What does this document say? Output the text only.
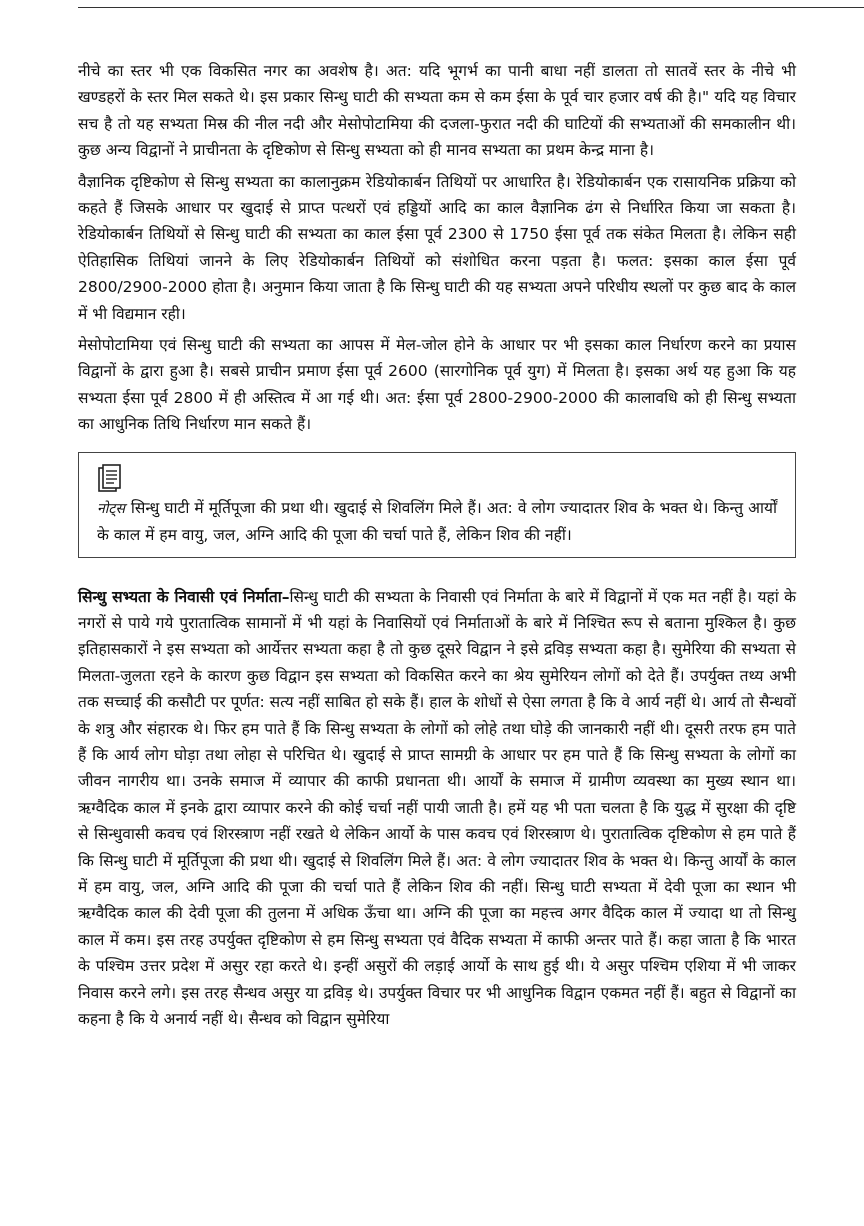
नीचे का स्तर भी एक विकसित नगर का अवशेष है। अत: यदि भूगर्भ का पानी बाधा नहीं डालता तो सातवें स्तर के नीचे भी खण्डहरों के स्तर मिल सकते थे। इस प्रकार सिन्धु घाटी की सभ्यता कम से कम ईसा के पूर्व चार हजार वर्ष की है।" यदि यह विचार सच है तो यह सभ्यता मिस्र की नील नदी और मेसोपोटामिया की दजला-फुरात नदी की घाटियों की सभ्यताओं की समकालीन थी। कुछ अन्य विद्वानों ने प्राचीनता के दृष्टिकोण से सिन्धु सभ्यता को ही मानव सभ्यता का प्रथम केन्द्र माना है।

वैज्ञानिक दृष्टिकोण से सिन्धु सभ्यता का कालानुक्रम रेडियोकार्बन तिथियों पर आधारित है। रेडियोकार्बन एक रासायनिक प्रक्रिया को कहते हैं जिसके आधार पर खुदाई से प्राप्त पत्थरों एवं हड्डियों आदि का काल वैज्ञानिक ढंग से निर्धारित किया जा सकता है। रेडियोकार्बन तिथियों से सिन्धु घाटी की सभ्यता का काल ईसा पूर्व 2300 से 1750 ईसा पूर्व तक संकेत मिलता है। लेकिन सही ऐतिहासिक तिथियां जानने के लिए रेडियोकार्बन तिथियों को संशोधित करना पड़ता है। फलत: इसका काल ईसा पूर्व 2800/2900-2000 होता है। अनुमान किया जाता है कि सिन्धु घाटी की यह सभ्यता अपने परिधीय स्थलों पर कुछ बाद के काल में भी विद्यमान रही।

मेसोपोटामिया एवं सिन्धु घाटी की सभ्यता का आपस में मेल-जोल होने के आधार पर भी इसका काल निर्धारण करने का प्रयास विद्वानों के द्वारा हुआ है। सबसे प्राचीन प्रमाण ईसा पूर्व 2600 (सारगोनिक पूर्व युग) में मिलता है। इसका अर्थ यह हुआ कि यह सभ्यता ईसा पूर्व 2800 में ही अस्तित्व में आ गई थी। अत: ईसा पूर्व 2800-2900-2000 की कालावधि को ही सिन्धु सभ्यता का आधुनिक तिथि निर्धारण मान सकते हैं।

नोट्स सिन्धु घाटी में मूर्तिपूजा की प्रथा थी। खुदाई से शिवलिंग मिले हैं। अत: वे लोग ज्यादातर शिव के भक्त थे। किन्तु आर्यों के काल में हम वायु, जल, अग्नि आदि की पूजा की चर्चा पाते हैं, लेकिन शिव की नहीं।

सिन्धु सभ्यता के निवासी एवं निर्माता–सिन्धु घाटी की सभ्यता के निवासी एवं निर्माता के बारे में विद्वानों में एक मत नहीं है। यहां के नगरों से पाये गये पुरातात्विक सामानों में भी यहां के निवासियों एवं निर्माताओं के बारे में निश्चित रूप से बताना मुश्किल है। कुछ इतिहासकारों ने इस सभ्यता को आर्येत्तर सभ्यता कहा है तो कुछ दूसरे विद्वान ने इसे द्रविड़ सभ्यता कहा है। सुमेरिया की सभ्यता से मिलता-जुलता रहने के कारण कुछ विद्वान इस सभ्यता को विकसित करने का श्रेय सुमेरियन लोगों को देते हैं। उपर्युक्त तथ्य अभी तक सच्चाई की कसौटी पर पूर्णत: सत्य नहीं साबित हो सके हैं। हाल के शोधों से ऐसा लगता है कि वे आर्य नहीं थे। आर्य तो सैन्धवों के शत्रु और संहारक थे। फिर हम पाते हैं कि सिन्धु सभ्यता के लोगों को लोहे तथा घोड़े की जानकारी नहीं थी। दूसरी तरफ हम पाते हैं कि आर्य लोग घोड़ा तथा लोहा से परिचित थे। खुदाई से प्राप्त सामग्री के आधार पर हम पाते हैं कि सिन्धु सभ्यता के लोगों का जीवन नागरीय था। उनके समाज में व्यापार की काफी प्रधानता थी। आर्यों के समाज में ग्रामीण व्यवस्था का मुख्य स्थान था। ऋग्वैदिक काल में इनके द्वारा व्यापार करने की कोई चर्चा नहीं पायी जाती है। हमें यह भी पता चलता है कि युद्ध में सुरक्षा की दृष्टि से सिन्धुवासी कवच एवं शिरस्त्राण नहीं रखते थे लेकिन आर्यो के पास कवच एवं शिरस्त्राण थे। पुरातात्विक दृष्टिकोण से हम पाते हैं कि सिन्धु घाटी में मूर्तिपूजा की प्रथा थी। खुदाई से शिवलिंग मिले हैं। अत: वे लोग ज्यादातर शिव के भक्त थे। किन्तु आर्यों के काल में हम वायु, जल, अग्नि आदि की पूजा की चर्चा पाते हैं लेकिन शिव की नहीं। सिन्धु घाटी सभ्यता में देवी पूजा का स्थान भी ऋग्वैदिक काल की देवी पूजा की तुलना में अधिक ऊँचा था। अग्नि की पूजा का महत्त्व अगर वैदिक काल में ज्यादा था तो सिन्धु काल में कम। इस तरह उपर्युक्त दृष्टिकोण से हम सिन्धु सभ्यता एवं वैदिक सभ्यता में काफी अन्तर पाते हैं। कहा जाता है कि भारत के पश्चिम उत्तर प्रदेश में असुर रहा करते थे। इन्हीं असुरों की लड़ाई आर्यो के साथ हुई थी। ये असुर पश्चिम एशिया में भी जाकर निवास करने लगे। इस तरह सैन्धव असुर या द्रविड़ थे। उपर्युक्त विचार पर भी आधुनिक विद्वान एकमत नहीं हैं। बहुत से विद्वानों का कहना है कि ये अनार्य नहीं थे। सैन्धव को विद्वान सुमेरिया
